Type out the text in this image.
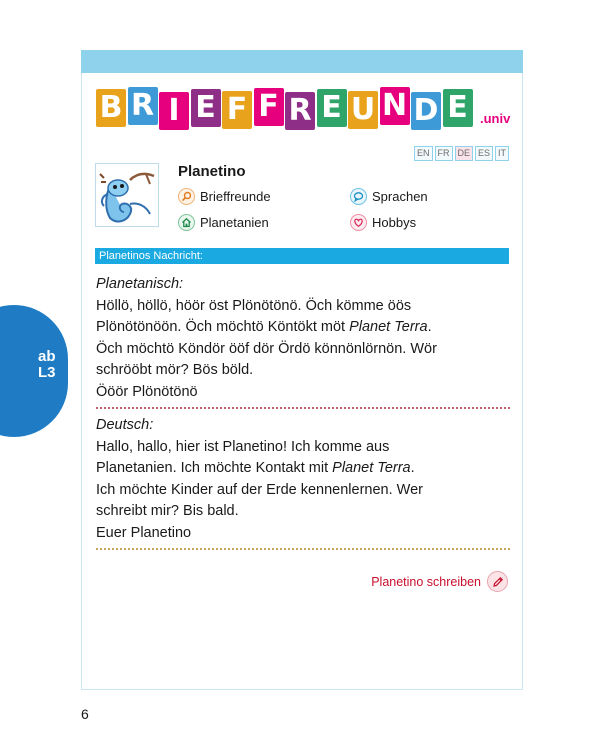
ab
L3
B R I E F F R E U N D E .univ
EN FR DE ES IT
Planetino
Brieffreunde	Sprachen
Planetanien	Hobbys
Planetinos Nachricht:
Planetanisch:
Höllö, höllö, höör öst Plönötönö. Öch kömme öös
Plönötönöön. Öch möchtö Köntökt möt Planet Terra.
Öch möchtö Köndör ööf dör Ördö könnönlörnön. Wör
schrööbt mör? Bös böld.
Ööör Plönötönö
Deutsch:
Hallo, hallo, hier ist Planetino! Ich komme aus
Planetanien. Ich möchte Kontakt mit Planet Terra.
Ich möchte Kinder auf der Erde kennenlernen. Wer
schreibt mir? Bis bald.
Euer Planetino
Planetino schreiben
6
